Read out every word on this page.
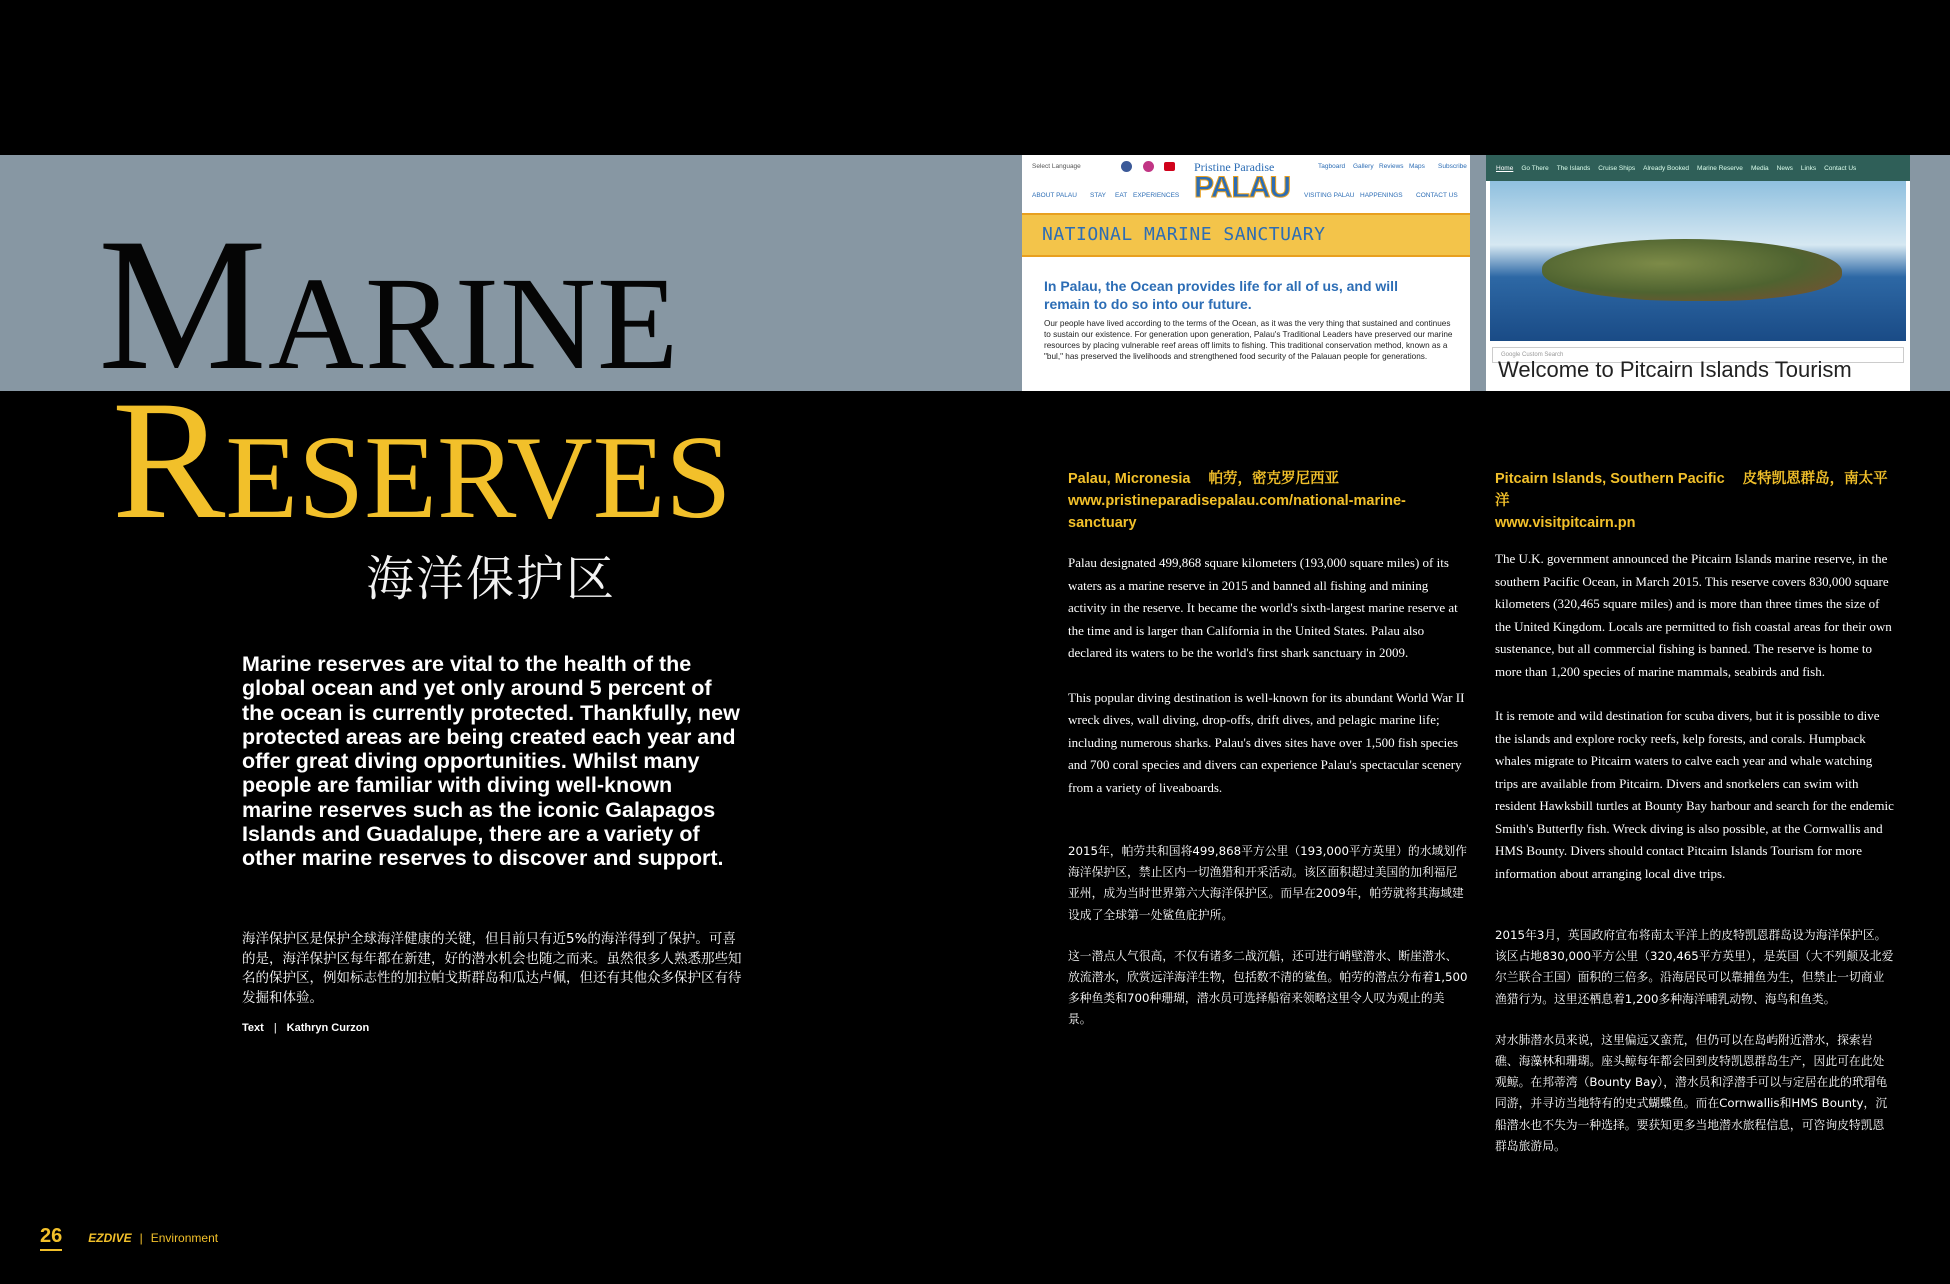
Marine
Reserves
海洋保护区
Marine reserves are vital to the health of the global ocean and yet only around 5 percent of the ocean is currently protected. Thankfully, new protected areas are being created each year and offer great diving opportunities. Whilst many people are familiar with diving well-known marine reserves such as the iconic Galapagos Islands and Guadalupe, there are a variety of other marine reserves to discover and support.
海洋保护区是保护全球海洋健康的关键，但目前只有近5%的海洋得到了保护。可喜的是，海洋保护区每年都在新建，好的潜水机会也随之而来。虽然很多人熟悉那些知名的保护区，例如标志性的加拉帕戈斯群岛和瓜达卢佩，但还有其他众多保护区有待发掘和体验。
Text | Kathryn Curzon
Select Language	Pristine Paradise
PALAU
Tagboard Gallery Reviews Maps Subscribe
ABOUT PALAU STAY EAT EXPERIENCES	VISITING PALAU HAPPENINGS CONTACT US
NATIONAL MARINE SANCTUARY
In Palau, the Ocean provides life for all of us, and will remain to do so into our future.
Our people have lived according to the terms of the Ocean, as it was the very thing that sustained and continues to sustain our existence. For generation upon generation, Palau's Traditional Leaders have preserved our marine resources by placing vulnerable reef areas off limits to fishing. This traditional conservation method, known as a "bul," has preserved the livelihoods and strengthened food security of the Palauan people for generations.
Home Go There The Islands Cruise Ships Already Booked Marine Reserve Media News Links Contact Us
Google Custom Search
Welcome to Pitcairn Islands Tourism
Palau, Micronesia 帕劳，密克罗尼西亚
www.pristineparadisepalau.com/national-marine-sanctuary

Palau designated 499,868 square kilometers (193,000 square miles) of its waters as a marine reserve in 2015 and banned all fishing and mining activity in the reserve. It became the world's sixth-largest marine reserve at the time and is larger than California in the United States. Palau also declared its waters to be the world's first shark sanctuary in 2009.

This popular diving destination is well-known for its abundant World War II wreck dives, wall diving, drop-offs, drift dives, and pelagic marine life; including numerous sharks. Palau's dives sites have over 1,500 fish species and 700 coral species and divers can experience Palau's spectacular scenery from a variety of liveaboards.

2015年，帕劳共和国将499,868平方公里（193,000平方英里）的水域划作海洋保护区，禁止区内一切渔猎和开采活动。该区面积超过美国的加利福尼亚州，成为当时世界第六大海洋保护区。而早在2009年，帕劳就将其海域建设成了全球第一处鲨鱼庇护所。

这一潜点人气很高，不仅有诸多二战沉船，还可进行峭壁潜水、断崖潜水、放流潜水，欣赏远洋海洋生物，包括数不清的鲨鱼。帕劳的潜点分布着1,500多种鱼类和700种珊瑚，潜水员可选择船宿来领略这里令人叹为观止的美景。

Pitcairn Islands, Southern Pacific 皮特凯恩群岛，南太平洋
www.visitpitcairn.pn

The U.K. government announced the Pitcairn Islands marine reserve, in the southern Pacific Ocean, in March 2015. This reserve covers 830,000 square kilometers (320,465 square miles) and is more than three times the size of the United Kingdom. Locals are permitted to fish coastal areas for their own sustenance, but all commercial fishing is banned. The reserve is home to more than 1,200 species of marine mammals, seabirds and fish.

It is remote and wild destination for scuba divers, but it is possible to dive the islands and explore rocky reefs, kelp forests, and corals. Humpback whales migrate to Pitcairn waters to calve each year and whale watching trips are available from Pitcairn. Divers and snorkelers can swim with resident Hawksbill turtles at Bounty Bay harbour and search for the endemic Smith's Butterfly fish. Wreck diving is also possible, at the Cornwallis and HMS Bounty. Divers should contact Pitcairn Islands Tourism for more information about arranging local dive trips.

2015年3月，英国政府宣布将南太平洋上的皮特凯恩群岛设为海洋保护区。该区占地830,000平方公里（320,465平方英里），是英国（大不列颠及北爱尔兰联合王国）面积的三倍多。沿海居民可以靠捕鱼为生，但禁止一切商业渔猎行为。这里还栖息着1,200多种海洋哺乳动物、海鸟和鱼类。

对水肺潜水员来说，这里偏远又蛮荒，但仍可以在岛屿附近潜水，探索岩礁、海藻林和珊瑚。座头鲸每年都会回到皮特凯恩群岛生产，因此可在此处观鲸。在邦蒂湾（Bounty Bay），潜水员和浮潜手可以与定居在此的玳瑁龟同游，并寻访当地特有的史式蝴蝶鱼。而在Cornwallis和HMS Bounty，沉船潜水也不失为一种选择。要获知更多当地潜水旅程信息，可咨询皮特凯恩群岛旅游局。

26 EZDIVE | Environment
